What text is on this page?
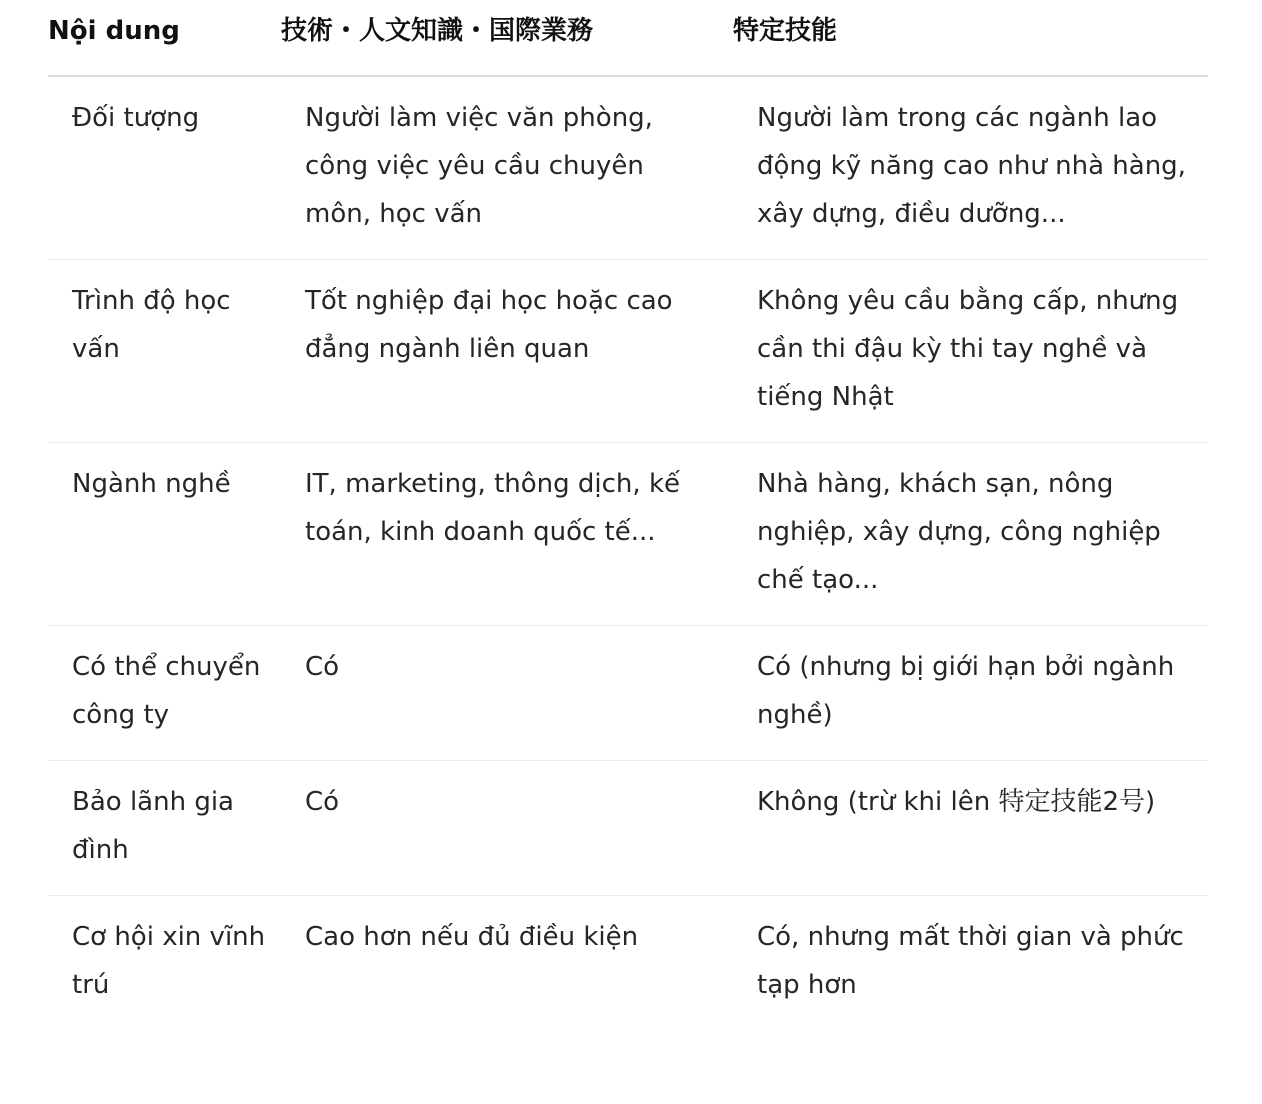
Nội dung	技術・人文知識・国際業務	特定技能
Đối tượng	Người làm việc văn phòng, công việc yêu cầu chuyên môn, học vấn	Người làm trong các ngành lao động kỹ năng cao như nhà hàng, xây dựng, điều dưỡng...
Trình độ học vấn	Tốt nghiệp đại học hoặc cao đẳng ngành liên quan	Không yêu cầu bằng cấp, nhưng cần thi đậu kỳ thi tay nghề và tiếng Nhật
Ngành nghề	IT, marketing, thông dịch, kế toán, kinh doanh quốc tế...	Nhà hàng, khách sạn, nông nghiệp, xây dựng, công nghiệp chế tạo...
Có thể chuyển công ty	Có	Có (nhưng bị giới hạn bởi ngành nghề)
Bảo lãnh gia đình	Có	Không (trừ khi lên 特定技能2号)
Cơ hội xin vĩnh trú	Cao hơn nếu đủ điều kiện	Có, nhưng mất thời gian và phức tạp hơn
